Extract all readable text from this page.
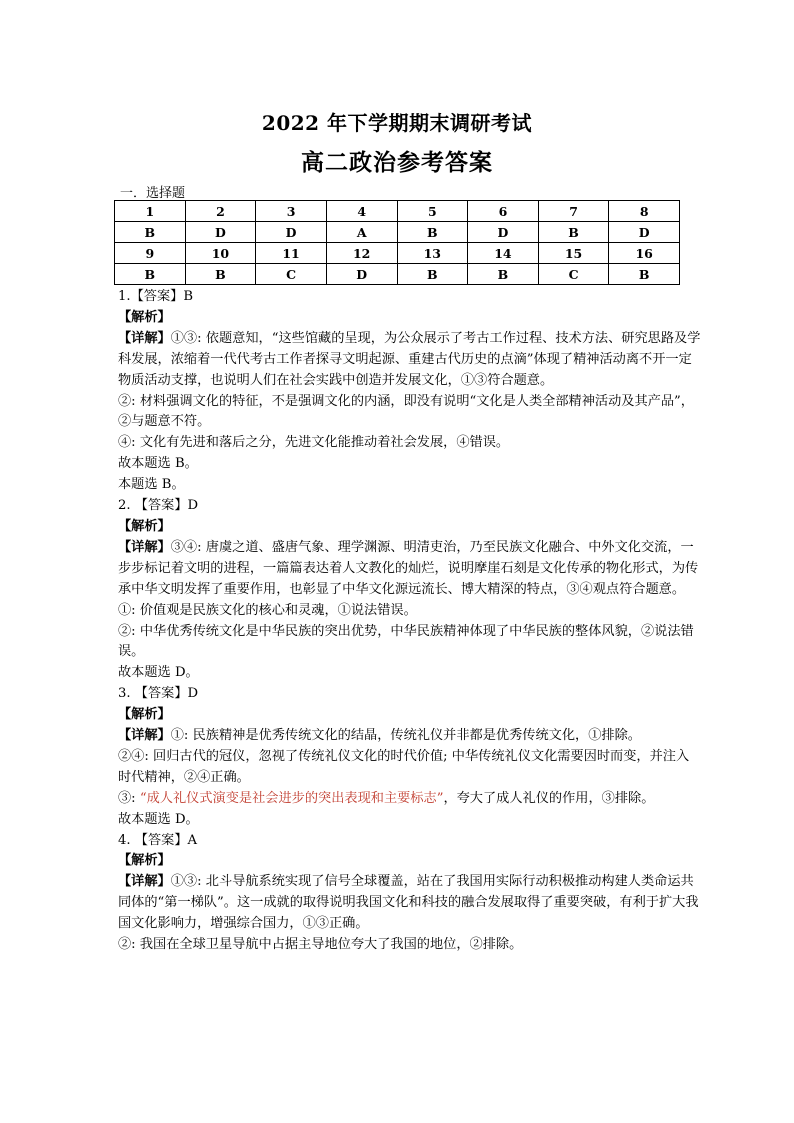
2022 年下学期期末调研考试
高二政治参考答案
一．选择题
1	2	3	4	5	6	7	8
B	D	D	A	B	D	B	D
9	10	11	12	13	14	15	16
B	B	C	D	B	B	C	B

1.【答案】B

【解析】

【详解】①③: 依题意知，“这些馆藏的呈现，为公众展示了考古工作过程、技术方法、研究思路及学科发展，浓缩着一代代考古工作者探寻文明起源、重建古代历史的点滴”体现了精神活动离不开一定物质活动支撑，也说明人们在社会实践中创造并发展文化，①③符合题意。

②: 材料强调文化的特征，不是强调文化的内涵，即没有说明“文化是人类全部精神活动及其产品”，②与题意不符。

④: 文化有先进和落后之分，先进文化能推动着社会发展，④错误。

故本题选 B。

本题选 B。

2. 【答案】D

【解析】

【详解】③④: 唐虞之道、盛唐气象、理学渊源、明清吏治，乃至民族文化融合、中外文化交流，一步步标记着文明的进程，一篇篇表达着人文教化的灿烂，说明摩崖石刻是文化传承的物化形式，为传承中华文明发挥了重要作用，也彰显了中华文化源远流长、博大精深的特点，③④观点符合题意。

①: 价值观是民族文化的核心和灵魂，①说法错误。

②: 中华优秀传统文化是中华民族的突出优势，中华民族精神体现了中华民族的整体风貌，②说法错误。

故本题选 D。

3. 【答案】D

【解析】

【详解】①: 民族精神是优秀传统文化的结晶，传统礼仪并非都是优秀传统文化，①排除。

②④: 回归古代的冠仪，忽视了传统礼仪文化的时代价值; 中华传统礼仪文化需要因时而变，并注入时代精神，②④正确。

③: “成人礼仪式演变是社会进步的突出表现和主要标志”，夸大了成人礼仪的作用，③排除。

故本题选 D。

4. 【答案】A

【解析】

【详解】①③: 北斗导航系统实现了信号全球覆盖，站在了我国用实际行动积极推动构建人类命运共同体的“第一梯队”。这一成就的取得说明我国文化和科技的融合发展取得了重要突破，有利于扩大我国文化影响力，增强综合国力，①③正确。

②: 我国在全球卫星导航中占据主导地位夸大了我国的地位，②排除。
